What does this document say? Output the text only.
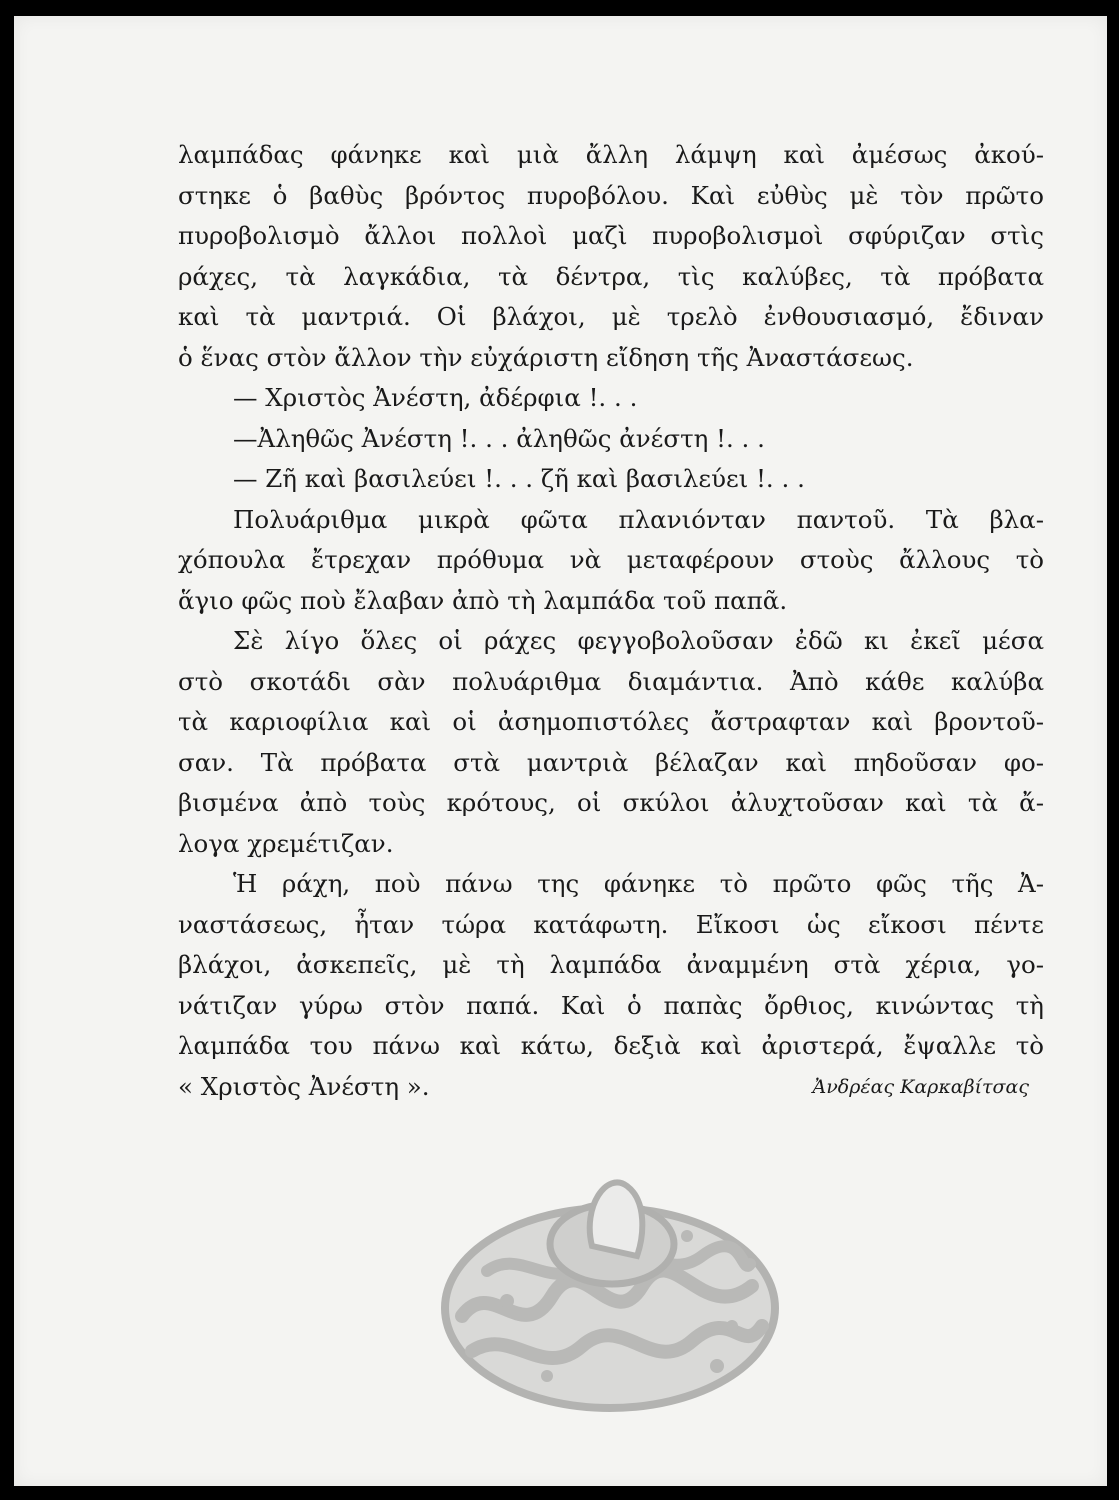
λαμπάδας φάνηκε καὶ μιὰ ἄλλη λάμψη καὶ ἀμέσως ἀκού-
στηκε ὁ βαθὺς βρόντος πυροβόλου. Καὶ εὐθὺς μὲ τὸν πρῶτο
πυροβολισμὸ ἄλλοι πολλοὶ μαζὶ πυροβολισμοὶ σφύριζαν στὶς
ράχες, τὰ λαγκάδια, τὰ δέντρα, τὶς καλύβες, τὰ πρόβατα
καὶ τὰ μαντριά. Οἱ βλάχοι, μὲ τρελὸ ἐνθουσιασμό, ἔδιναν
ὁ ἕνας στὸν ἄλλον τὴν εὐχάριστη εἴδηση τῆς Ἀναστάσεως.
— Χριστὸς Ἀνέστη, ἀδέρφια !. . .
—Ἀληθῶς Ἀνέστη !. . . ἀληθῶς ἀνέστη !. . .
— Ζῆ καὶ βασιλεύει !. . . ζῆ καὶ βασιλεύει !. . .
Πολυάριθμα μικρὰ φῶτα πλανιόνταν παντοῦ. Τὰ βλα-
χόπουλα ἔτρεχαν πρόθυμα νὰ μεταφέρουν στοὺς ἄλλους τὸ
ἅγιο φῶς ποὺ ἔλαβαν ἀπὸ τὴ λαμπάδα τοῦ παπᾶ.
Σὲ λίγο ὅλες οἱ ράχες φεγγοβολοῦσαν ἐδῶ κι ἐκεῖ μέσα
στὸ σκοτάδι σὰν πολυάριθμα διαμάντια. Ἀπὸ κάθε καλύβα
τὰ καριοφίλια καὶ οἱ ἀσημοπιστόλες ἄστραφταν καὶ βροντοῦ-
σαν. Τὰ πρόβατα στὰ μαντριὰ βέλαζαν καὶ πηδοῦσαν φο-
βισμένα ἀπὸ τοὺς κρότους, οἱ σκύλοι ἀλυχτοῦσαν καὶ τὰ ἄ-
λογα χρεμέτιζαν.
Ἡ ράχη, ποὺ πάνω της φάνηκε τὸ πρῶτο φῶς τῆς Ἀ-
ναστάσεως, ἦταν τώρα κατάφωτη. Εἴκοσι ὡς εἴκοσι πέντε
βλάχοι, ἀσκεπεῖς, μὲ τὴ λαμπάδα ἀναμμένη στὰ χέρια, γο-
νάτιζαν γύρω στὸν παπά. Καὶ ὁ παπὰς ὄρθιος, κινώντας τὴ
λαμπάδα του πάνω καὶ κάτω, δεξιὰ καὶ ἀριστερά, ἔψαλλε τὸ
« Χριστὸς Ἀνέστη ».	Ἀνδρέας Καρκαβίτσας
